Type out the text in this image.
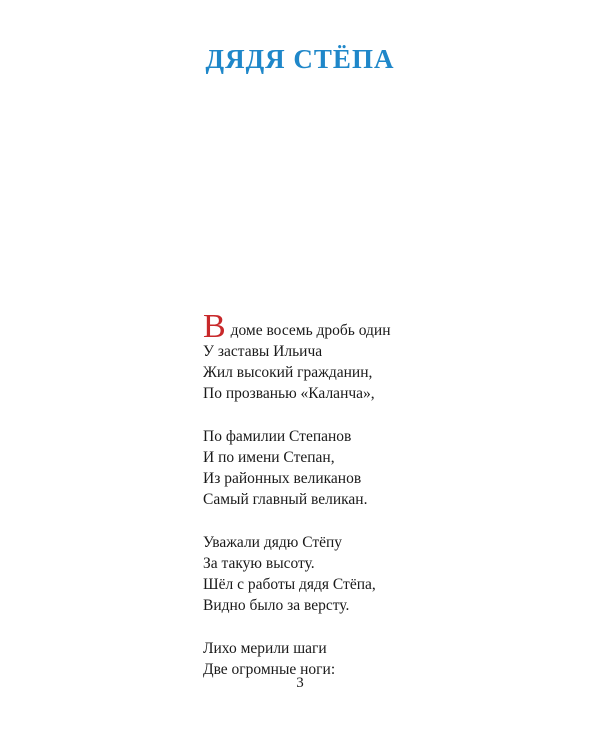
ДЯДЯ СТЁПА
В доме восемь дробь один
У заставы Ильича
Жил высокий гражданин,
По прозванью «Каланча»,
По фамилии Степанов
И по имени Степан,
Из районных великанов
Самый главный великан.
Уважали дядю Стёпу
За такую высоту.
Шёл с работы дядя Стёпа,
Видно было за версту.
Лихо мерили шаги
Две огромные ноги:
3
